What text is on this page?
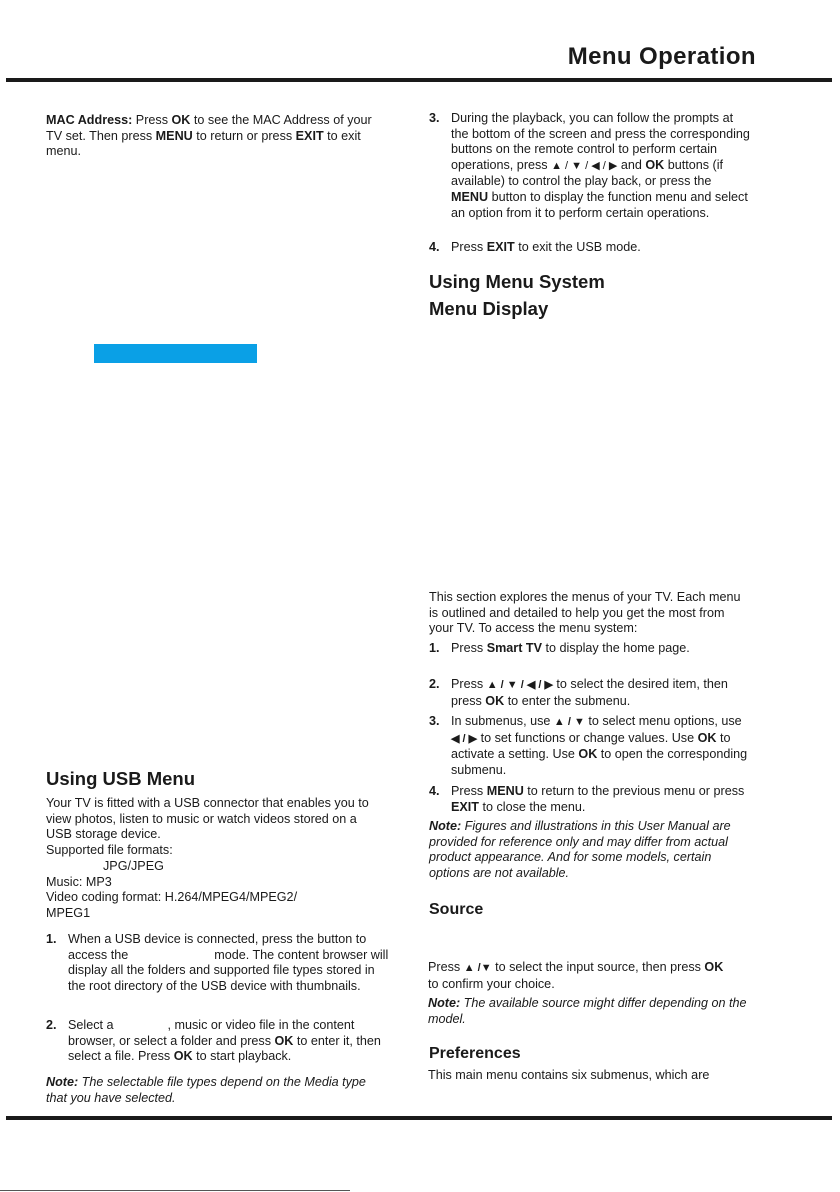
Menu Operation
MAC Address: Press OK to see the MAC Address of your TV set. Then press MENU to return or press EXIT to exit menu.
Using USB Menu
Your TV is fitted with a USB connector that enables you to view photos, listen to music or watch videos stored on a USB storage device.
Supported file formats:
JPG/JPEG
Music: MP3
Video coding format: H.264/MPEG4/MPEG2/
MPEG1
1. When a USB device is connected, press the button to access the	mode. The content browser will display all the folders and supported file types stored in the root directory of the USB device with thumbnails.
2. Select a	, music or video file in the content browser, or select a folder and press OK to enter it, then select a file. Press OK to start playback.
Note: The selectable file types depend on the Media type that you have selected.
3. During the playback, you can follow the prompts at the bottom of the screen and press the corresponding buttons on the remote control to perform certain operations, press ▲ / ▼ / ◀ / ▶ and OK buttons (if available) to control the play back, or press the MENU button to display the function menu and select an option from it to perform certain operations.
4. Press EXIT to exit the USB mode.
Using Menu System
Menu Display
This section explores the menus of your TV. Each menu is outlined and detailed to help you get the most from your TV. To access the menu system:
1. Press Smart TV to display the home page.
2. Press ▲ / ▼ / ◀ / ▶ to select the desired item, then press OK to enter the submenu.
3. In submenus, use ▲ / ▼ to select menu options, use ◀ / ▶ to set functions or change values. Use OK to activate a setting. Use OK to open the corresponding submenu.
4. Press MENU to return to the previous menu or press EXIT to close the menu.
Note: Figures and illustrations in this User Manual are provided for reference only and may differ from actual product appearance. And for some models, certain options are not available.
Source
Press ▲ /▼ to select the input source, then press OK to confirm your choice.
Note: The available source might differ depending on the model.
Preferences
This main menu contains six submenus, which are
